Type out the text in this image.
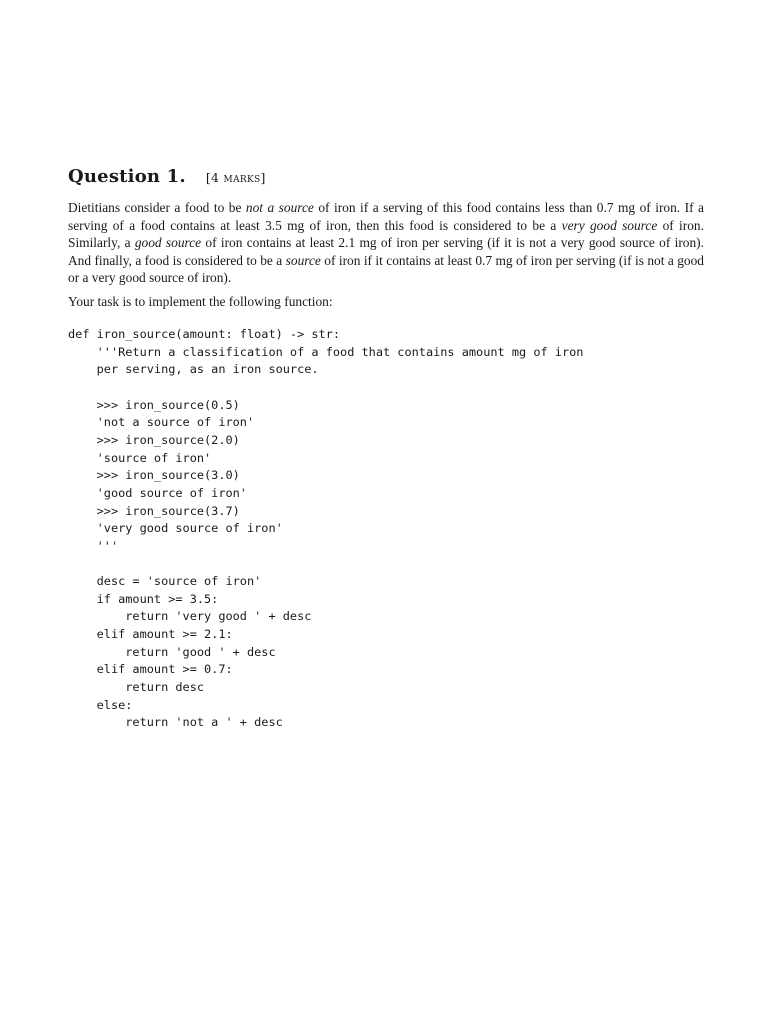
Question 1. [4 marks]

Dietitians consider a food to be not a source of iron if a serving of this food contains less than 0.7 mg of iron. If a serving of a food contains at least 3.5 mg of iron, then this food is considered to be a very good source of iron. Similarly, a good source of iron contains at least 2.1 mg of iron per serving (if it is not a very good source of iron). And finally, a food is considered to be a source of iron if it contains at least 0.7 mg of iron per serving (if is not a good or a very good source of iron).

Your task is to implement the following function:

def iron_source(amount: float) -> str:
'''Return a classification of a food that contains amount mg of iron
per serving, as an iron source.
>>> iron_source(0.5)
'not a source of iron'
>>> iron_source(2.0)
'source of iron'
>>> iron_source(3.0)
'good source of iron'
>>> iron_source(3.7)
'very good source of iron'
'''
desc = 'source of iron'
if amount >= 3.5:
return 'very good ' + desc
elif amount >= 2.1:
return 'good ' + desc
elif amount >= 0.7:
return desc
else:
return 'not a ' + desc
